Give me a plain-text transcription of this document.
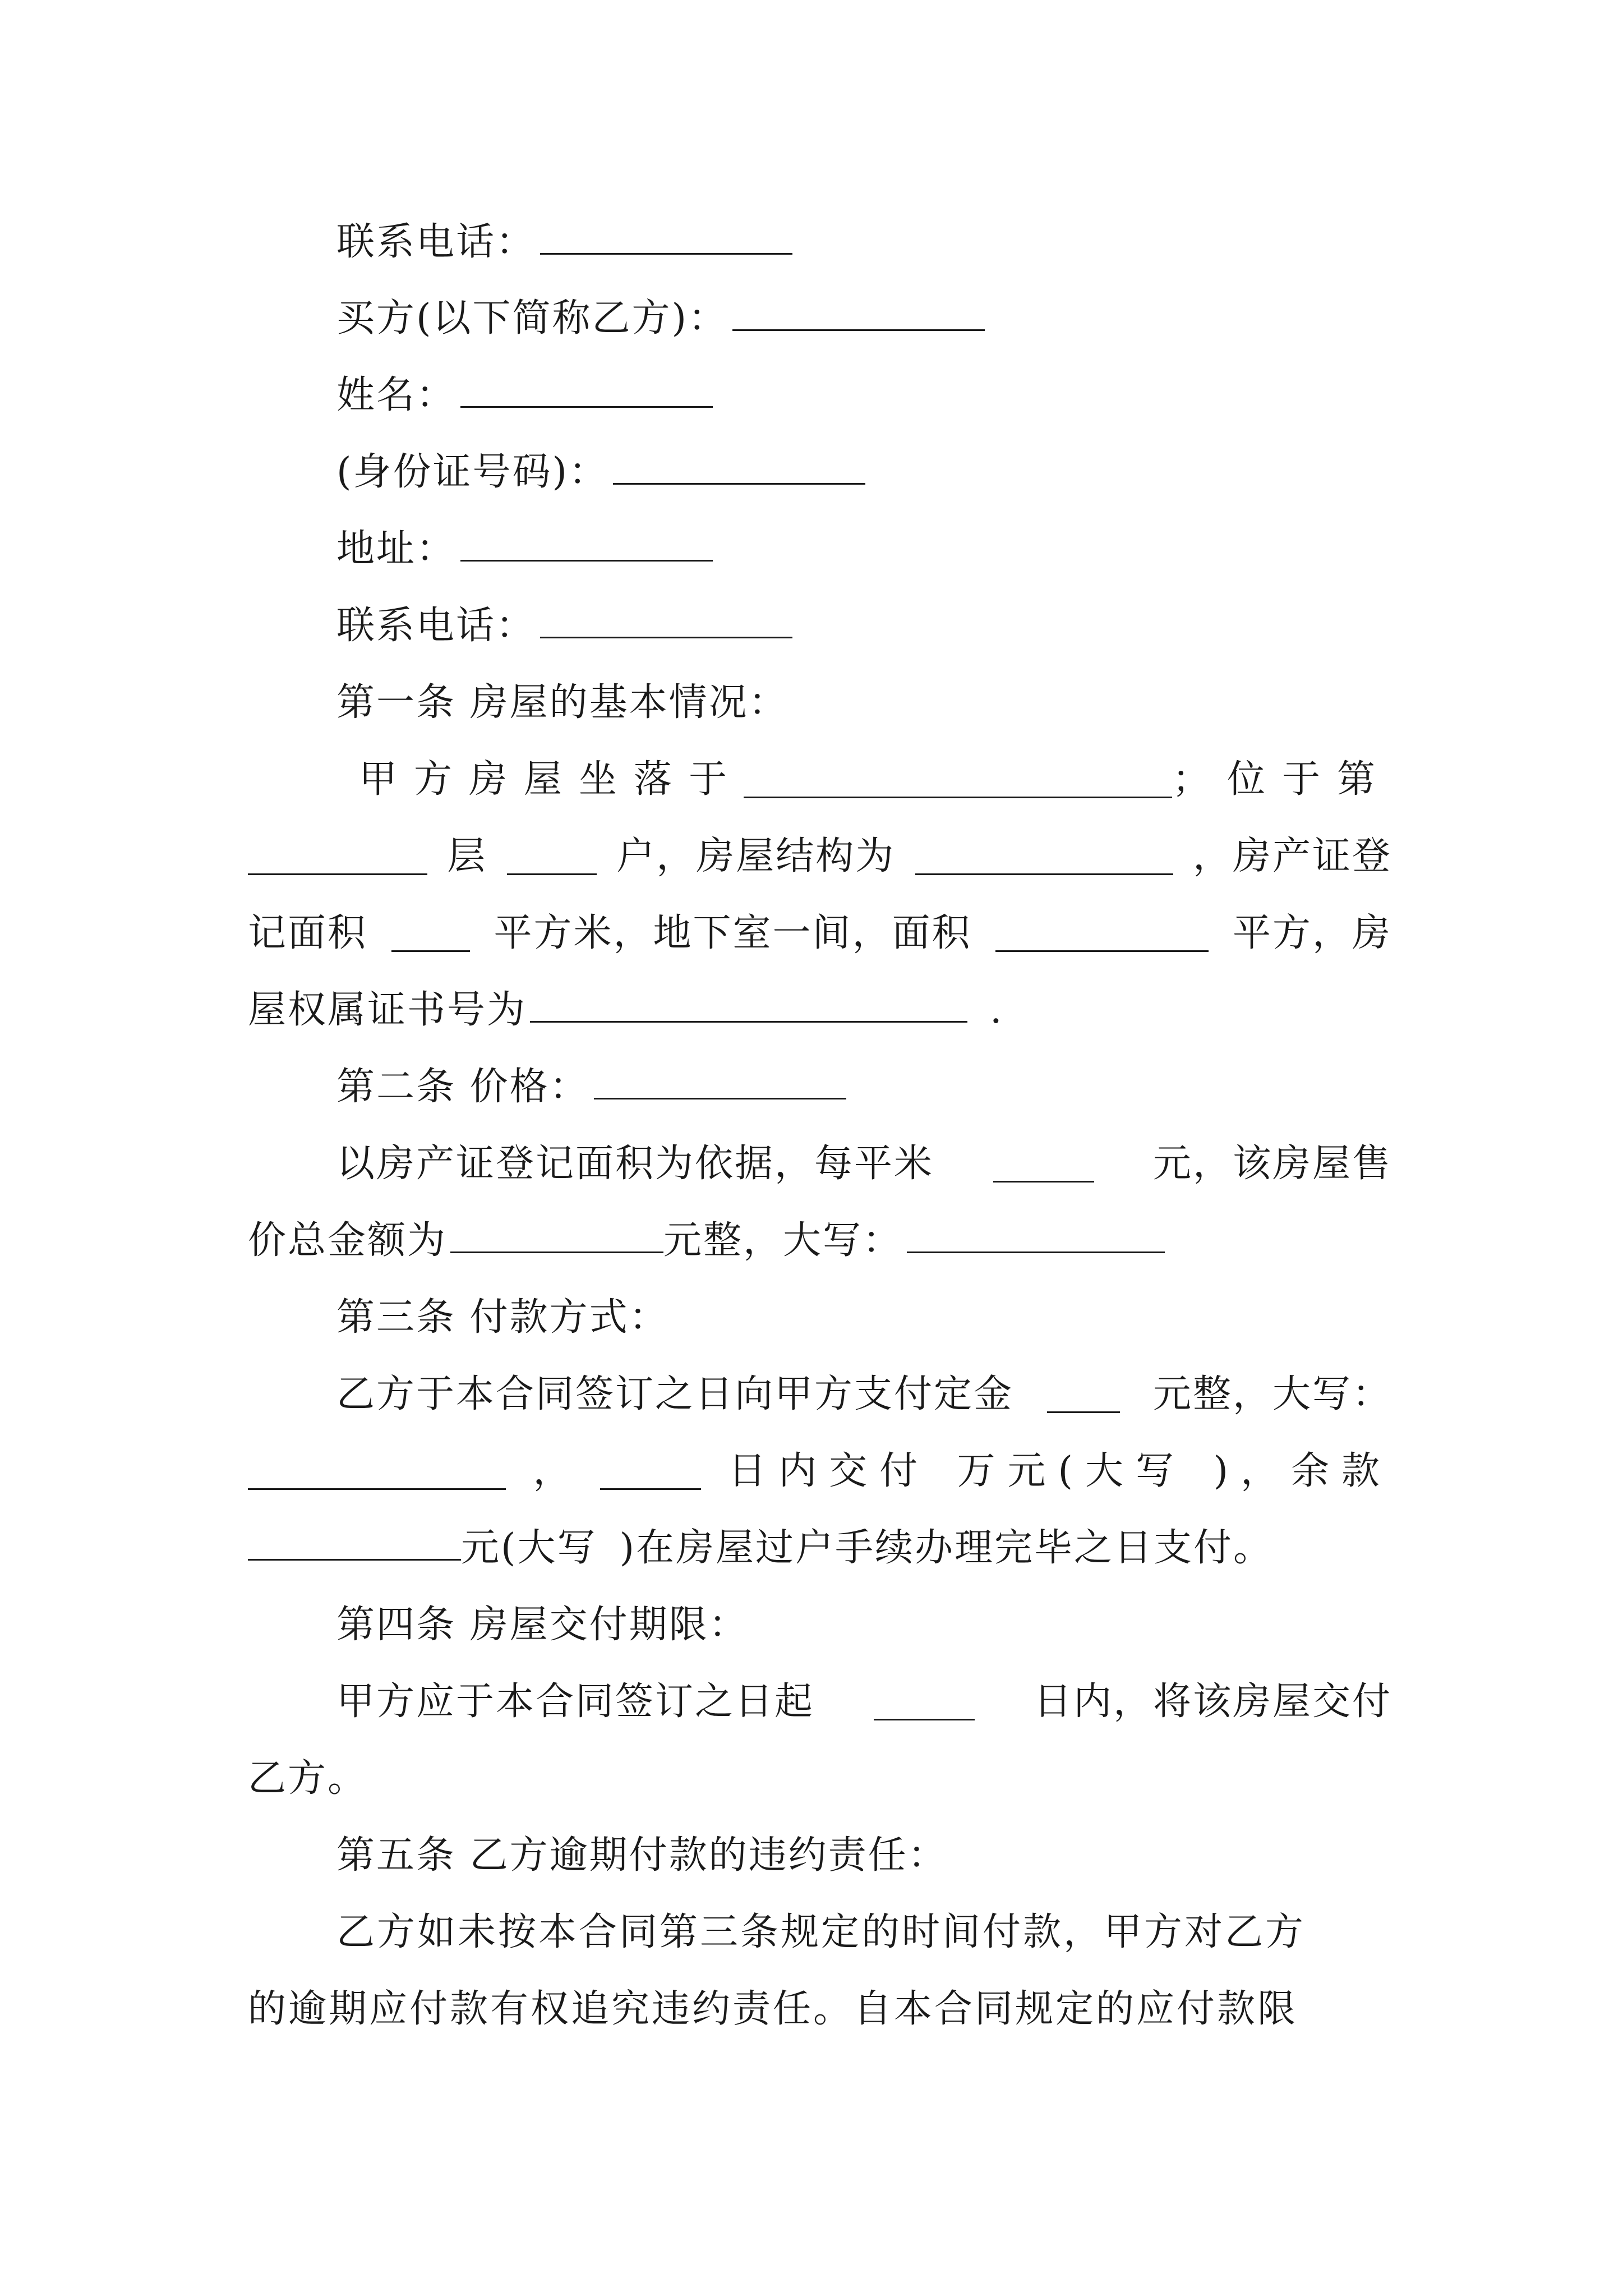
联系电话：
买方(以下简称乙方)：
姓名：
(身份证号码)：
地址：
联系电话：
第一条 房屋的基本情况：
甲方房屋坐落于	；位于第
层	户，房屋结构为	，房产证登
记面积	平方米，地下室一间，面积	平方，房
屋权属证书号为	.
第二条 价格：
以房产证登记面积为依据，每平米	元，该房屋售
价总金额为	元整，大写：
第三条 付款方式：
乙方于本合同签订之日向甲方支付定金	元整，大写：
，	日内交付 万元(大写 )，余款
元(大写 )在房屋过户手续办理完毕之日支付。
第四条 房屋交付期限：
甲方应于本合同签订之日起	日内，将该房屋交付
乙方。
第五条 乙方逾期付款的违约责任：
乙方如未按本合同第三条规定的时间付款，甲方对乙方
的逾期应付款有权追究违约责任。自本合同规定的应付款限
